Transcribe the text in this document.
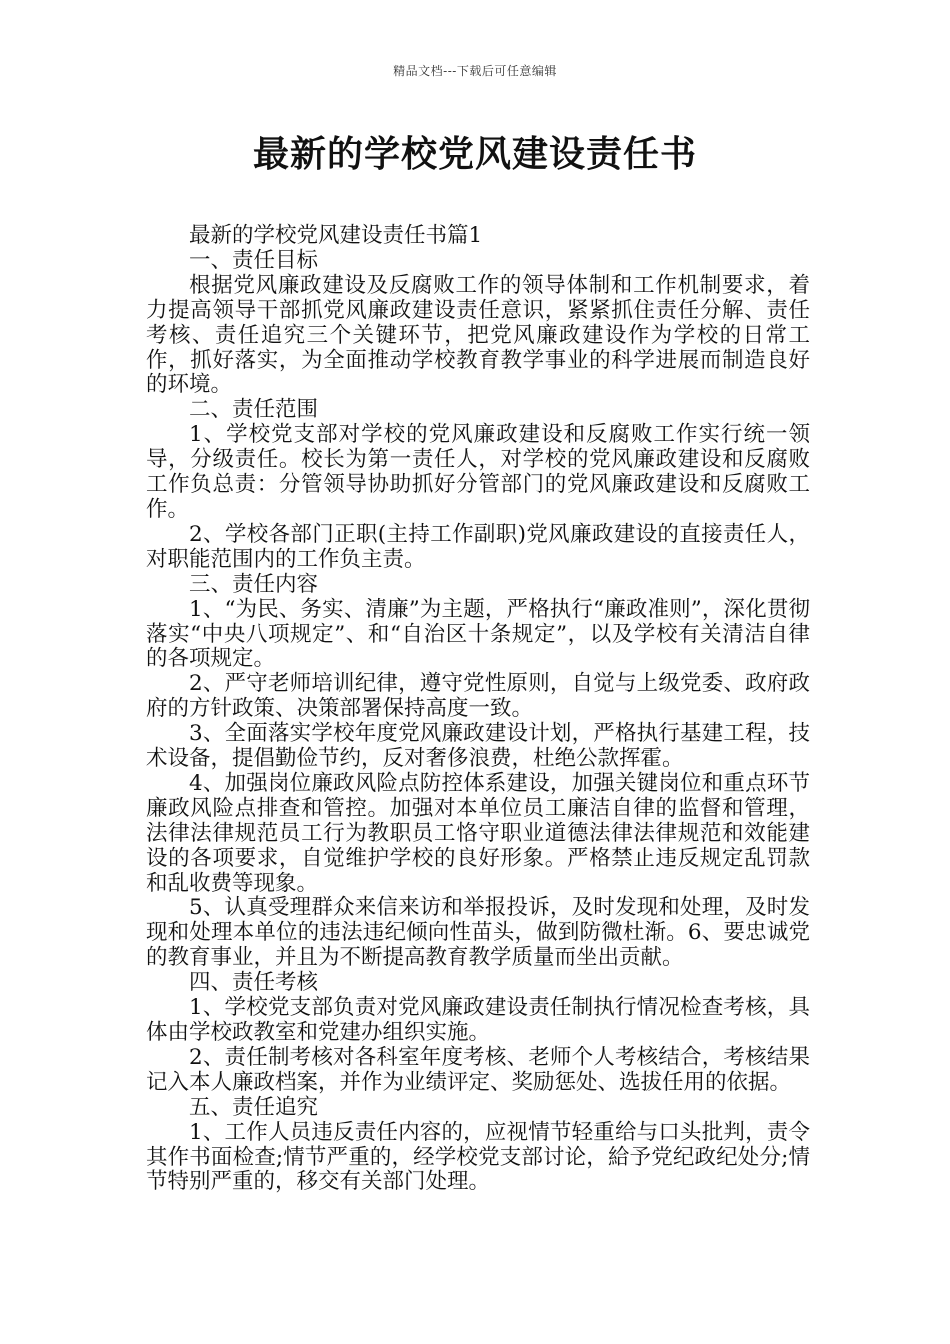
精品文档---下载后可任意编辑
最新的学校党风建设责任书

最新的学校党风建设责任书篇1

一、责任目标

根据党风廉政建设及反腐败工作的领导体制和工作机制要求，着力提高领导干部抓党风廉政建设责任意识，紧紧抓住责任分解、责任考核、责任追究三个关键环节，把党风廉政建设作为学校的日常工作，抓好落实，为全面推动学校教育教学事业的科学进展而制造良好的环境。

二、责任范围

1、学校党支部对学校的党风廉政建设和反腐败工作实行统一领导，分级责任。校长为第一责任人，对学校的党风廉政建设和反腐败工作负总责：分管领导协助抓好分管部门的党风廉政建设和反腐败工作。

2、学校各部门正职(主持工作副职)党风廉政建设的直接责任人，对职能范围内的工作负主责。

三、责任内容

1、“为民、务实、清廉”为主题，严格执行“廉政准则”，深化贯彻落实“中央八项规定”、和“自治区十条规定”，以及学校有关清洁自律的各项规定。

2、严守老师培训纪律，遵守党性原则，自觉与上级党委、政府政府的方针政策、决策部署保持高度一致。

3、全面落实学校年度党风廉政建设计划，严格执行基建工程，技术设备，提倡勤俭节约，反对奢侈浪费，杜绝公款挥霍。

4、加强岗位廉政风险点防控体系建设，加强关键岗位和重点环节廉政风险点排查和管控。加强对本单位员工廉洁自律的监督和管理，法律法律规范员工行为教职员工恪守职业道德法律法律规范和效能建设的各项要求，自觉维护学校的良好形象。严格禁止违反规定乱罚款和乱收费等现象。

5、认真受理群众来信来访和举报投诉，及时发现和处理，及时发现和处理本单位的违法违纪倾向性苗头，做到防微杜渐。6、要忠诚党的教育事业，并且为不断提高教育教学质量而坐出贡献。

四、责任考核

1、学校党支部负责对党风廉政建设责任制执行情况检查考核，具体由学校政教室和党建办组织实施。

2、责任制考核对各科室年度考核、老师个人考核结合，考核结果记入本人廉政档案，并作为业绩评定、奖励惩处、选拔任用的依据。

五、责任追究

1、工作人员违反责任内容的，应视情节轻重给与口头批判，责令其作书面检查;情节严重的，经学校党支部讨论，給予党纪政纪处分;情节特别严重的，移交有关部门处理。
